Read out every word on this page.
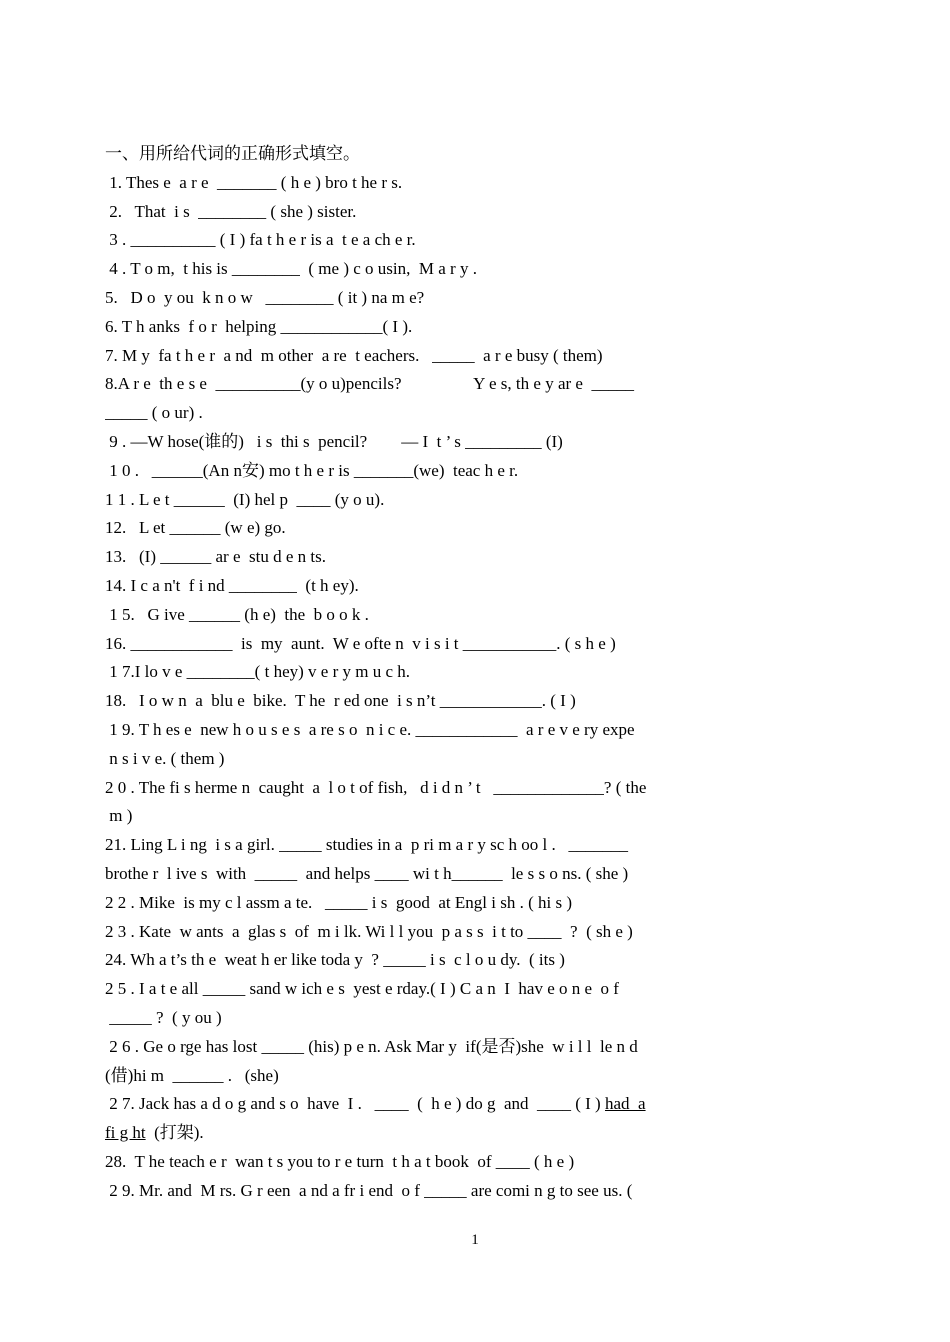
一、用所给代词的正确形式填空。
1. Thes e  a r e  _______ ( h e ) bro t he r s.
2.   That  i s  ________ ( she ) sister.
3 . __________ ( I ) fa t h e r is a  t e a ch e r.
4 . T o m,  t his is ________  ( me ) c o usin,  M a r y .
5.   D o  y ou  k n o w   ________ ( it ) na m e?
6. T h anks  f o r  helping ____________( I ).
7. M y  fa t h e r  a nd  m other  a re  t eachers.   _____  a r e busy ( them)
8.A r e  th e s e  __________(y o u)pencils?                 Y e s, th e y ar e  _____
_____ ( o ur) .
9 . —W hose(谁的)   i s  thi s  pencil?        — I  t ’ s _________ (I)
1 0 .   ______(An n安) mo t h e r is _______(we)  teac h e r.
1 1 . L e t ______  (I) hel p  ____ (y o u).
12.   L et ______ (w e) go.
13.   (I) ______ ar e  stu d e n ts.
14. I c a n't  f i nd ________  (t h ey).
1 5.   G ive ______ (h e)  the  b o o k .
16. ____________  is  my  aunt.  W e ofte n  v i s i t ___________. ( s h e )
1 7.I lo v e ________( t hey) v e r y m u c h.
18.   I o w n  a  blu e  bike.  T he  r ed one  i s n’t ____________. ( I )
1 9. T h es e  new h o u s e s  a re s o  n i c e. ____________  a r e v e ry expe
n s i v e. ( them )
2 0 . The fi s herme n  caught  a  l o t of fish,   d i d n ’ t   _____________? ( the
m )
21. Ling L i ng  i s a girl. _____ studies in a  p ri m a r y sc h oo l .   _______
brothe r  l ive s  with  _____  and helps ____ wi t h______  le s s o ns. ( she )
2 2 . Mike  is my c l assm a te.   _____ i s  good  at Engl i sh . ( hi s )
2 3 . Kate  w ants  a  glas s  of  m i lk. Wi l l you  p a s s  i t to ____  ?  ( sh e )
24. Wh a t’s th e  weat h er like toda y  ? _____ i s  c l o u dy.  ( its )
2 5 . I a t e all _____ sand w ich e s  yest e rday.( I ) C a n  I  hav e o n e  o f
_____ ?  ( y ou )
2 6 . Ge o rge has lost _____ (his) p e n. Ask Mar y  if(是否)she  w i l l  le n d
(借)hi m  ______ .   (she)
2 7. Jack has a d o g and s o  have  I .   ____  (  h e ) do g  and  ____ ( I ) had  a
fi g ht  (打架).
28.  T he teach e r  wan t s you to r e turn  t h a t book  of ____ ( h e )
2 9. Mr. and  M rs. G r een  a nd a fr i end  o f _____ are comi n g to see us. (
1
